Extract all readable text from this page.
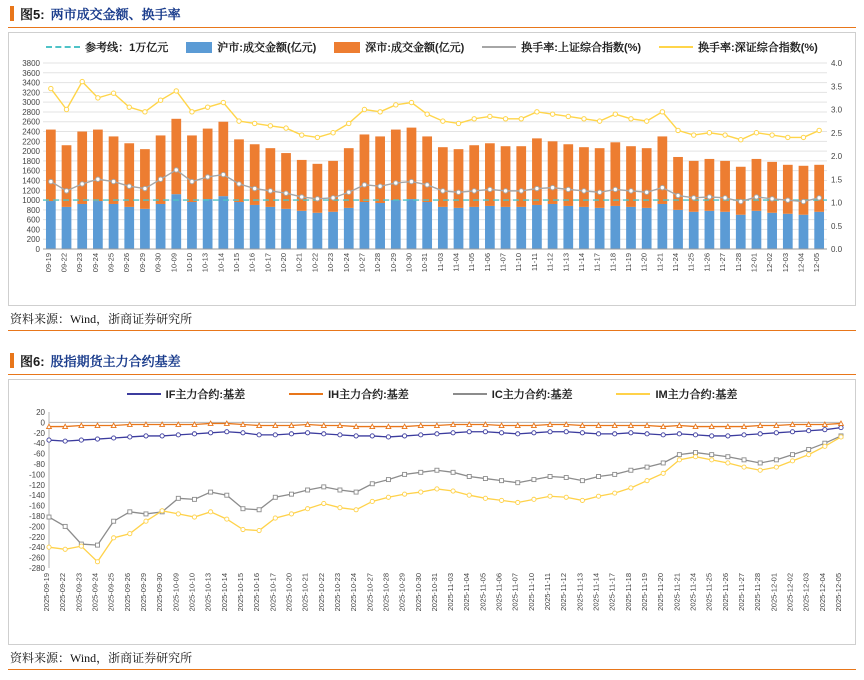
图5: 两市成交金额、换手率
参考线：1万亿元	沪市:成交金额(亿元)	深市:成交金额(亿元)	换手率:上证综合指数(%)	换手率:深证综合指数(%)
0
200
400
600
800
1000
1200
1400
1600
1800
2000
2200
2400
2600
2800
3000
3200
3400
3600
3800
0.0
0.5
1.0
1.5
2.0
2.5
3.0
3.5
4.0
09-19 09-22 09-23 09-24 09-25 09-26 09-29 09-30 10-09 10-10 10-13 10-14 10-15 10-16 10-17 10-20 10-21 10-22 10-23 10-24 10-27 10-28 10-29 10-30 10-31 11-03 11-04 11-05 11-06 11-07 11-10 11-11 11-12 11-13 11-14 11-17 11-18 11-19 11-20 11-21 11-24 11-25 11-26 11-27 11-28 12-01 12-02 12-03 12-04 12-05
资料来源：Wind，浙商证券研究所
图6: 股指期货主力合约基差
IF主力合约:基差	IH主力合约:基差	IC主力合约:基差	IM主力合约:基差
20
0
-20
-40
-60
-80
-100
-120
-140
-160
-180
-200
-220
-240
-260
-280
2025-09-19 2025-09-22 2025-09-23 2025-09-24 2025-09-25 2025-09-26 2025-09-29 2025-09-30 2025-10-09 2025-10-10 2025-10-13 2025-10-14 2025-10-15 2025-10-16 2025-10-17 2025-10-20 2025-10-21 2025-10-22 2025-10-23 2025-10-24 2025-10-27 2025-10-28 2025-10-29 2025-10-30 2025-10-31 2025-11-03 2025-11-04 2025-11-05 2025-11-06 2025-11-07 2025-11-10 2025-11-11 2025-11-12 2025-11-13 2025-11-14 2025-11-17 2025-11-18 2025-11-19 2025-11-20 2025-11-21 2025-11-24 2025-11-25 2025-11-26 2025-11-27 2025-11-28 2025-12-01 2025-12-02 2025-12-03 2025-12-04 2025-12-05
资料来源：Wind，浙商证券研究所
